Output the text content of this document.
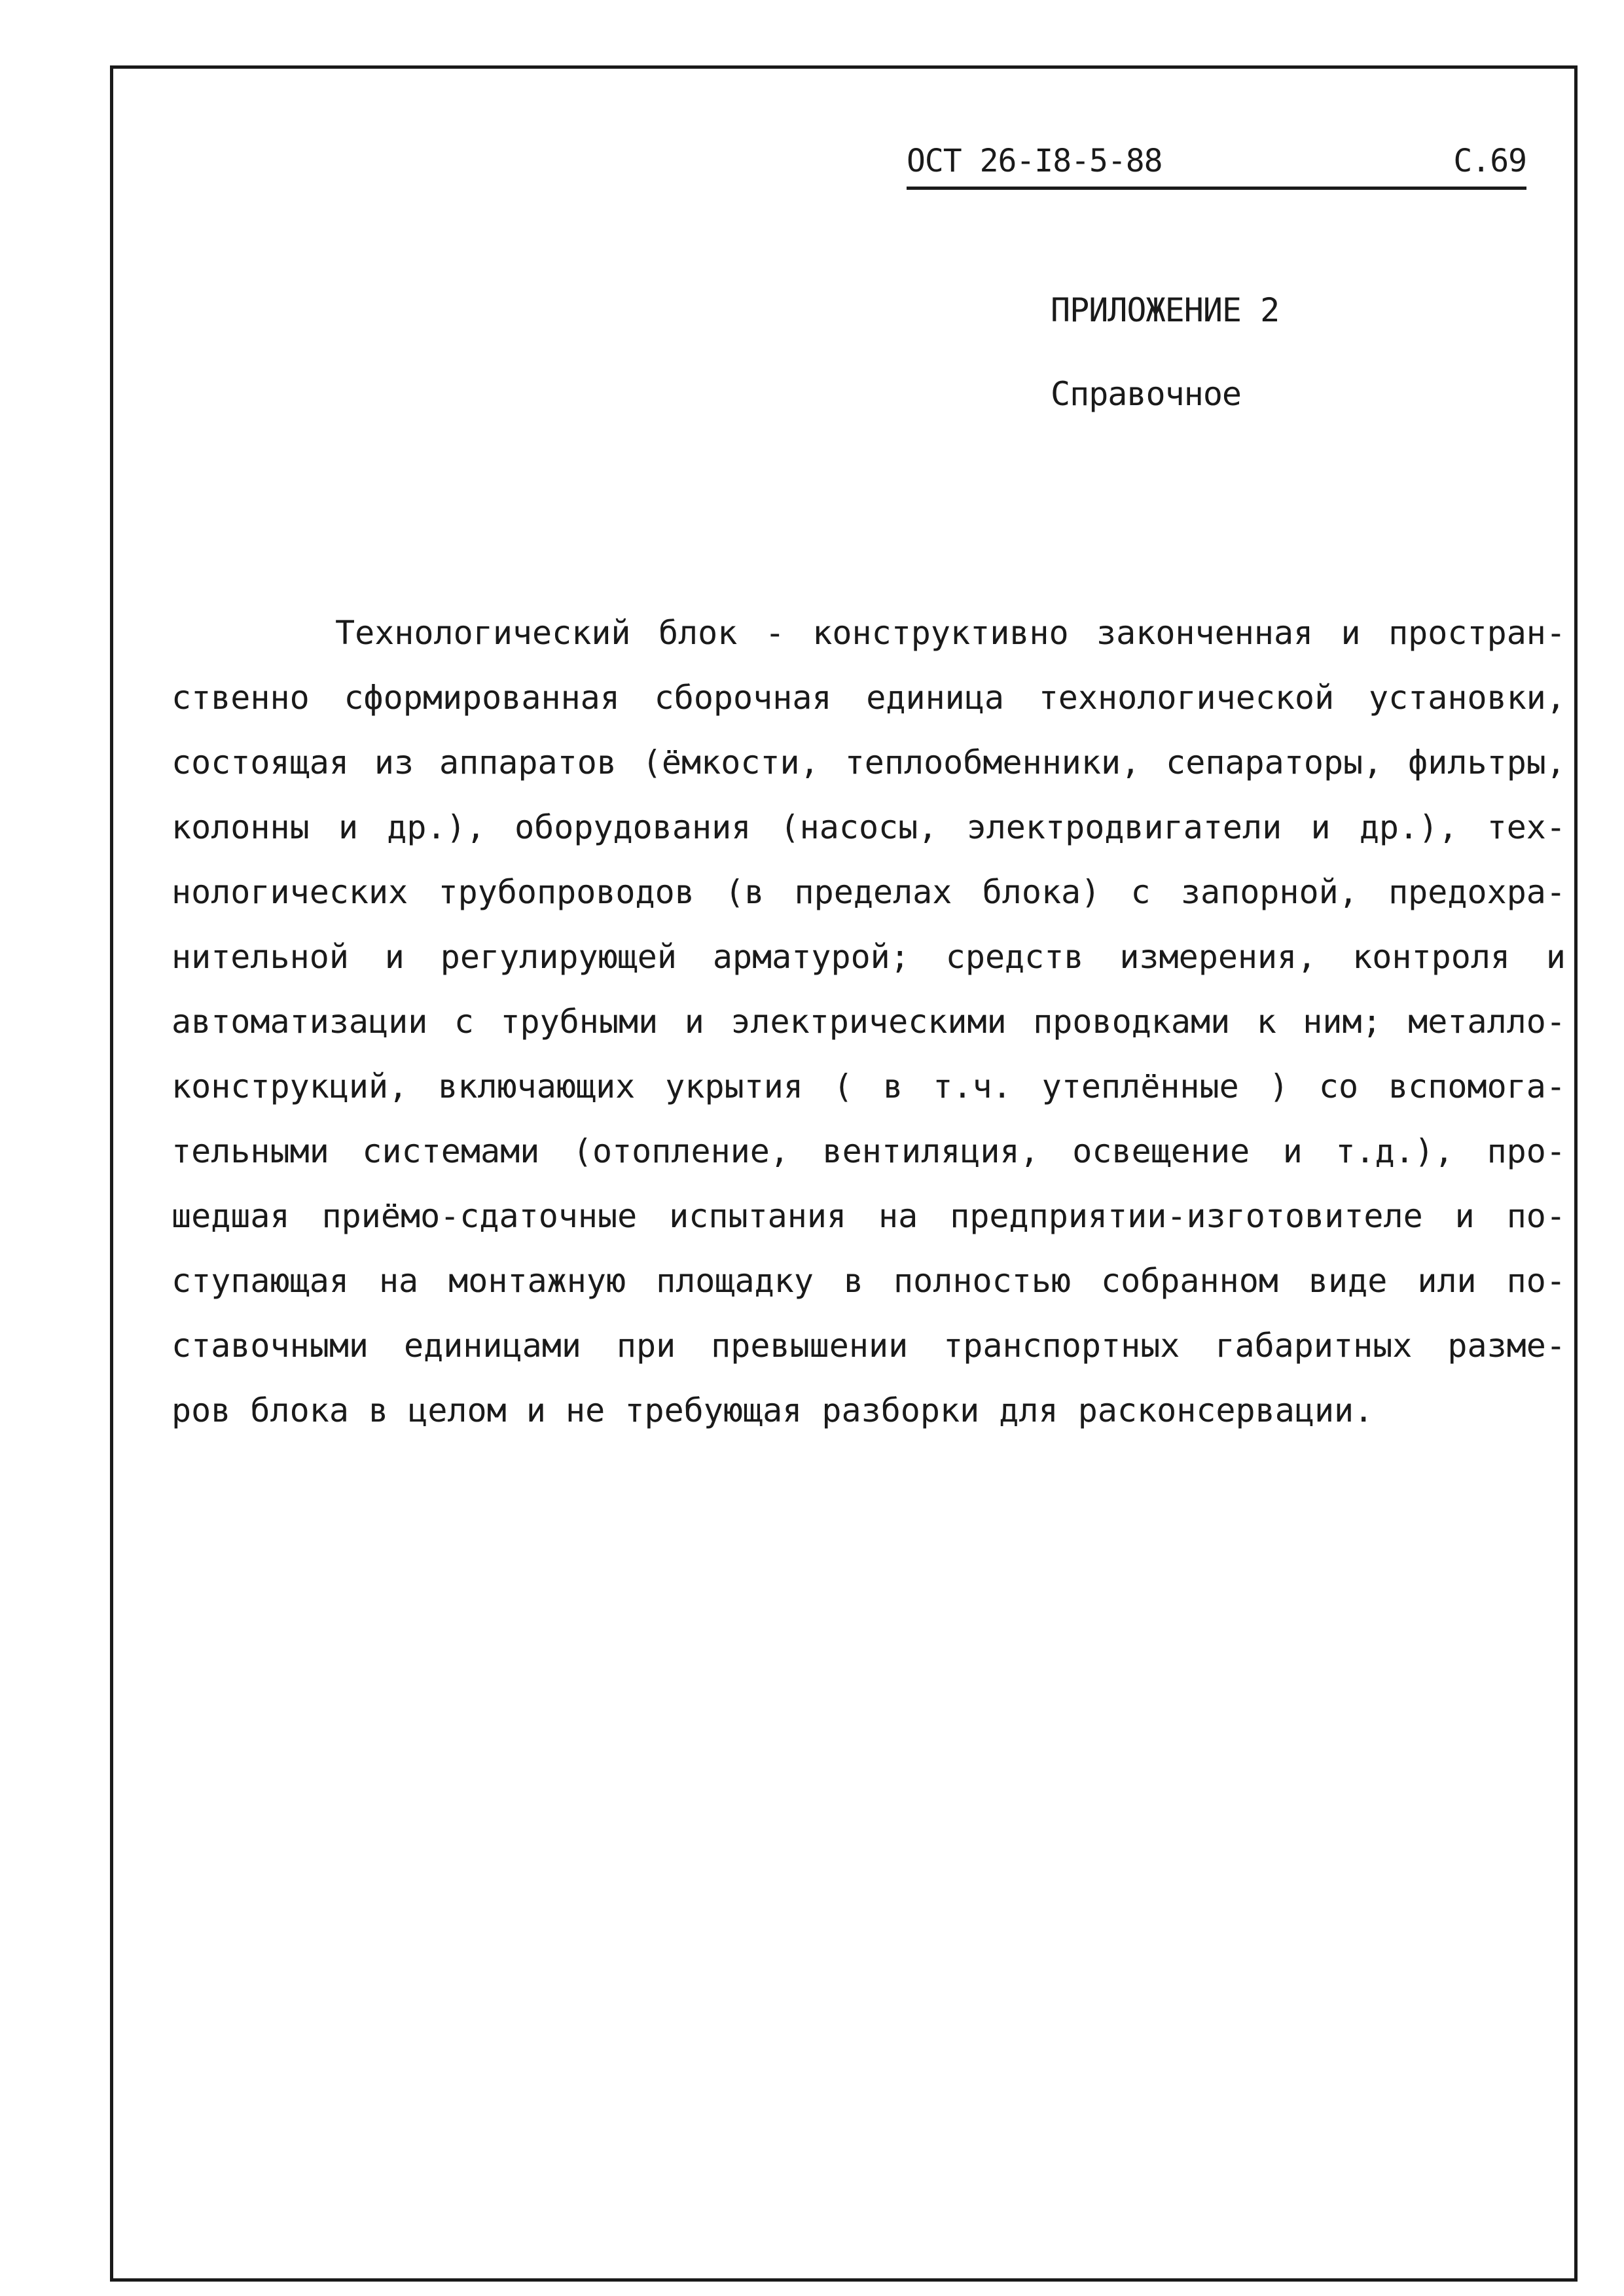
ОСТ 26-I8-5-88	С.69
ПРИЛОЖЕНИЕ 2
Справочное
Технологический блок - конструктивно законченная и простран-
ственно сформированная сборочная единица технологической установки,
состоящая из аппаратов (ёмкости, теплообменники, сепараторы, фильтры,
колонны и др.), оборудования (насосы, электродвигатели и др.), тех-
нологических трубопроводов (в пределах блока) с запорной, предохра-
нительной и регулирующей арматурой; средств измерения, контроля и
автоматизации с трубными и электрическими проводками к ним; металло-
конструкций, включающих укрытия ( в т.ч. утеплённые ) со вспомога-
тельными системами (отопление, вентиляция, освещение и т.д.), про-
шедшая приёмо-сдаточные испытания на предприятии-изготовителе и по-
ступающая на монтажную площадку в полностью собранном виде или по-
ставочными единицами при превышении транспортных габаритных разме-
ров блока в целом и не требующая разборки для расконсервации.
